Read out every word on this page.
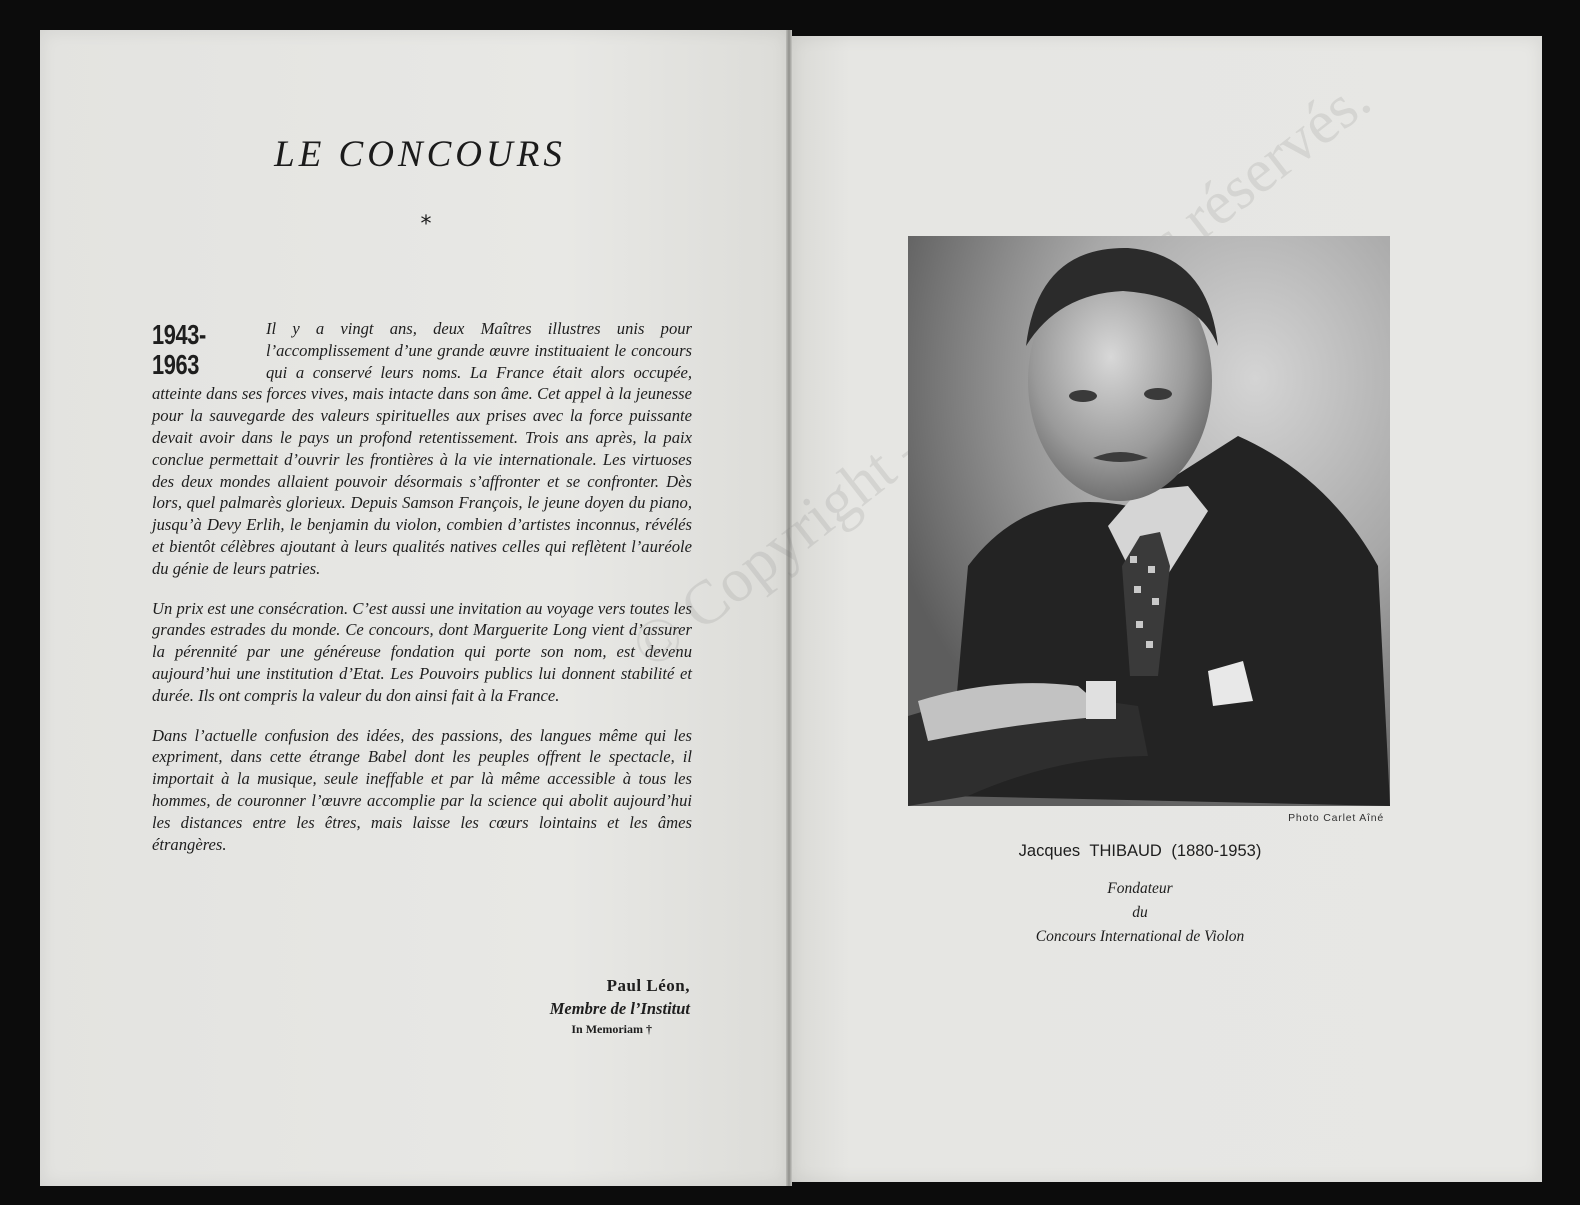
LE CONCOURS
*

1943-1963
Il y a vingt ans, deux Maîtres illustres unis pour l’accomplissement d’une grande œuvre instituaient le concours qui a conservé leurs noms. La France était alors occupée, atteinte dans ses forces vives, mais intacte dans son âme. Cet appel à la jeunesse pour la sauvegarde des valeurs spirituelles aux prises avec la force puissante devait avoir dans le pays un profond retentissement. Trois ans après, la paix conclue permettait d’ouvrir les frontières à la vie internationale. Les virtuoses des deux mondes allaient pouvoir désormais s’affronter et se confronter. Dès lors, quel palmarès glorieux. Depuis Samson François, le jeune doyen du piano, jusqu’à Devy Erlih, le benjamin du violon, combien d’artistes inconnus, révélés et bientôt célèbres ajoutant à leurs qualités natives celles qui reflètent l’auréole du génie de leurs patries.

Un prix est une consécration. C’est aussi une invitation au voyage vers toutes les grandes estrades du monde. Ce concours, dont Marguerite Long vient d’assurer la pérennité par une généreuse fondation qui porte son nom, est devenu aujourd’hui une institution d’Etat. Les Pouvoirs publics lui donnent stabilité et durée. Ils ont compris la valeur du don ainsi fait à la France.

Dans l’actuelle confusion des idées, des passions, des langues même qui les expriment, dans cette étrange Babel dont les peuples offrent le spectacle, il importait à la musique, seule ineffable et par là même accessible à tous les hommes, de couronner l’œuvre accomplie par la science qui abolit aujourd’hui les distances entre les êtres, mais laisse les cœurs lointains et les âmes étrangères.

Paul Léon,
Membre de l’Institut
In Memoriam †
Photo Carlet Aîné
Jacques THIBAUD (1880-1953)
Fondateur
du
Concours International de Violon
